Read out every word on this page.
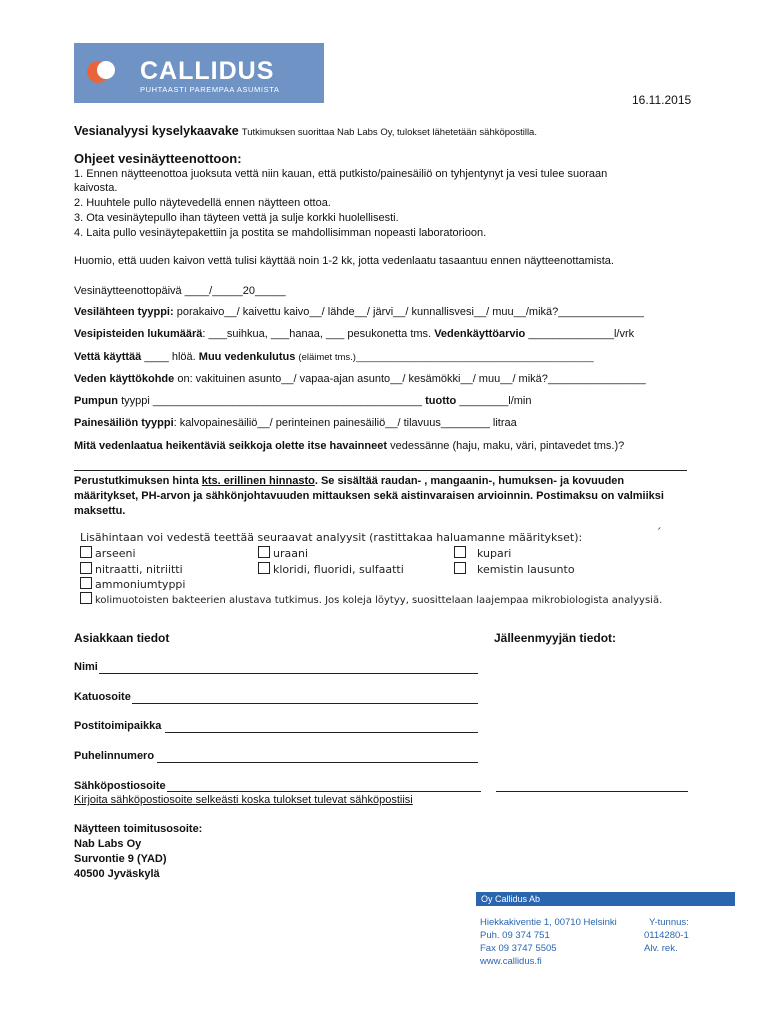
CALLIDUS
PUHTAASTI PAREMPAA ASUMISTA
16.11.2015
Vesianalyysi kyselykaavake Tutkimuksen suorittaa Nab Labs Oy, tulokset lähetetään sähköpostilla.
Ohjeet vesinäytteenottoon:
1. Ennen näytteenottoa juoksuta vettä niin kauan, että putkisto/painesäiliö on tyhjentynyt ja vesi tulee suoraan
kaivosta.
2. Huuhtele pullo näytevedellä ennen näytteen ottoa.
3. Ota vesinäytepullo ihan täyteen vettä ja sulje korkki huolellisesti.
4. Laita pullo vesinäytepakettiin ja postita se mahdollisimman nopeasti laboratorioon.
Huomio, että uuden kaivon vettä tulisi käyttää noin 1-2 kk, jotta vedenlaatu tasaantuu ennen näytteenottamista.
Vesinäytteenottopäivä ____/_____20_____
Vesilähteen tyyppi: porakaivo__/ kaivettu kaivo__/ lähde__/ järvi__/ kunnallisvesi__/ muu__/mikä?______________
Vesipisteiden lukumäärä: ___suihkua, ___hanaa, ___ pesukonetta tms. Vedenkäyttöarvio ______________l/vrk
Vettä käyttää ____ hlöä. Muu vedenkulutus (eläimet tms.)_____________________________________________
Veden käyttökohde on: vakituinen asunto__/ vapaa-ajan asunto__/ kesämökki__/ muu__/ mikä?________________
Pumpun tyyppi ____________________________________________ tuotto ________l/min
Painesäiliön tyyppi: kalvopainesäiliö__/ perinteinen painesäiliö__/ tilavuus________ litraa
Mitä vedenlaatua heikentäviä seikkoja olette itse havainneet vedessänne (haju, maku, väri, pintavedet tms.)?
Perustutkimuksen hinta kts. erillinen hinnasto. Se sisältää raudan- , mangaanin-, humuksen- ja kovuuden
määritykset, PH-arvon ja sähkönjohtavuuden mittauksen sekä aistinvaraisen arvioinnin. Postimaksu on valmiiksi
maksettu.
Lisähintaan voi vedestä teettää seuraavat analyysit (rastittakaa haluamanne määritykset):	ˊ
arseeni	uraani	kupari
nitraatti, nitriitti	kloridi, fluoridi, sulfaatti	kemistin lausunto
ammoniumtyppi
kolimuotoisten bakteerien alustava tutkimus. Jos koleja löytyy, suosittelaan laajempaa mikrobiologista analyysiä.
Asiakkaan tiedot	Jälleenmyyjän tiedot:
Nimi
Katuosoite
Postitoimipaikka
Puhelinnumero
Sähköpostiosoite
Kirjoita sähköpostiosoite selkeästi koska tulokset tulevat sähköpostiisi
Näytteen toimitusosoite:
Nab Labs Oy
Survontie 9 (YAD)
40500 Jyväskylä
Oy Callidus Ab
Hiekkakiventie 1, 00710 Helsinki
Puh. 09 374 751
Fax 09 3747 5505
www.callidus.fi
Y-tunnus:
0114280-1
Alv. rek.
